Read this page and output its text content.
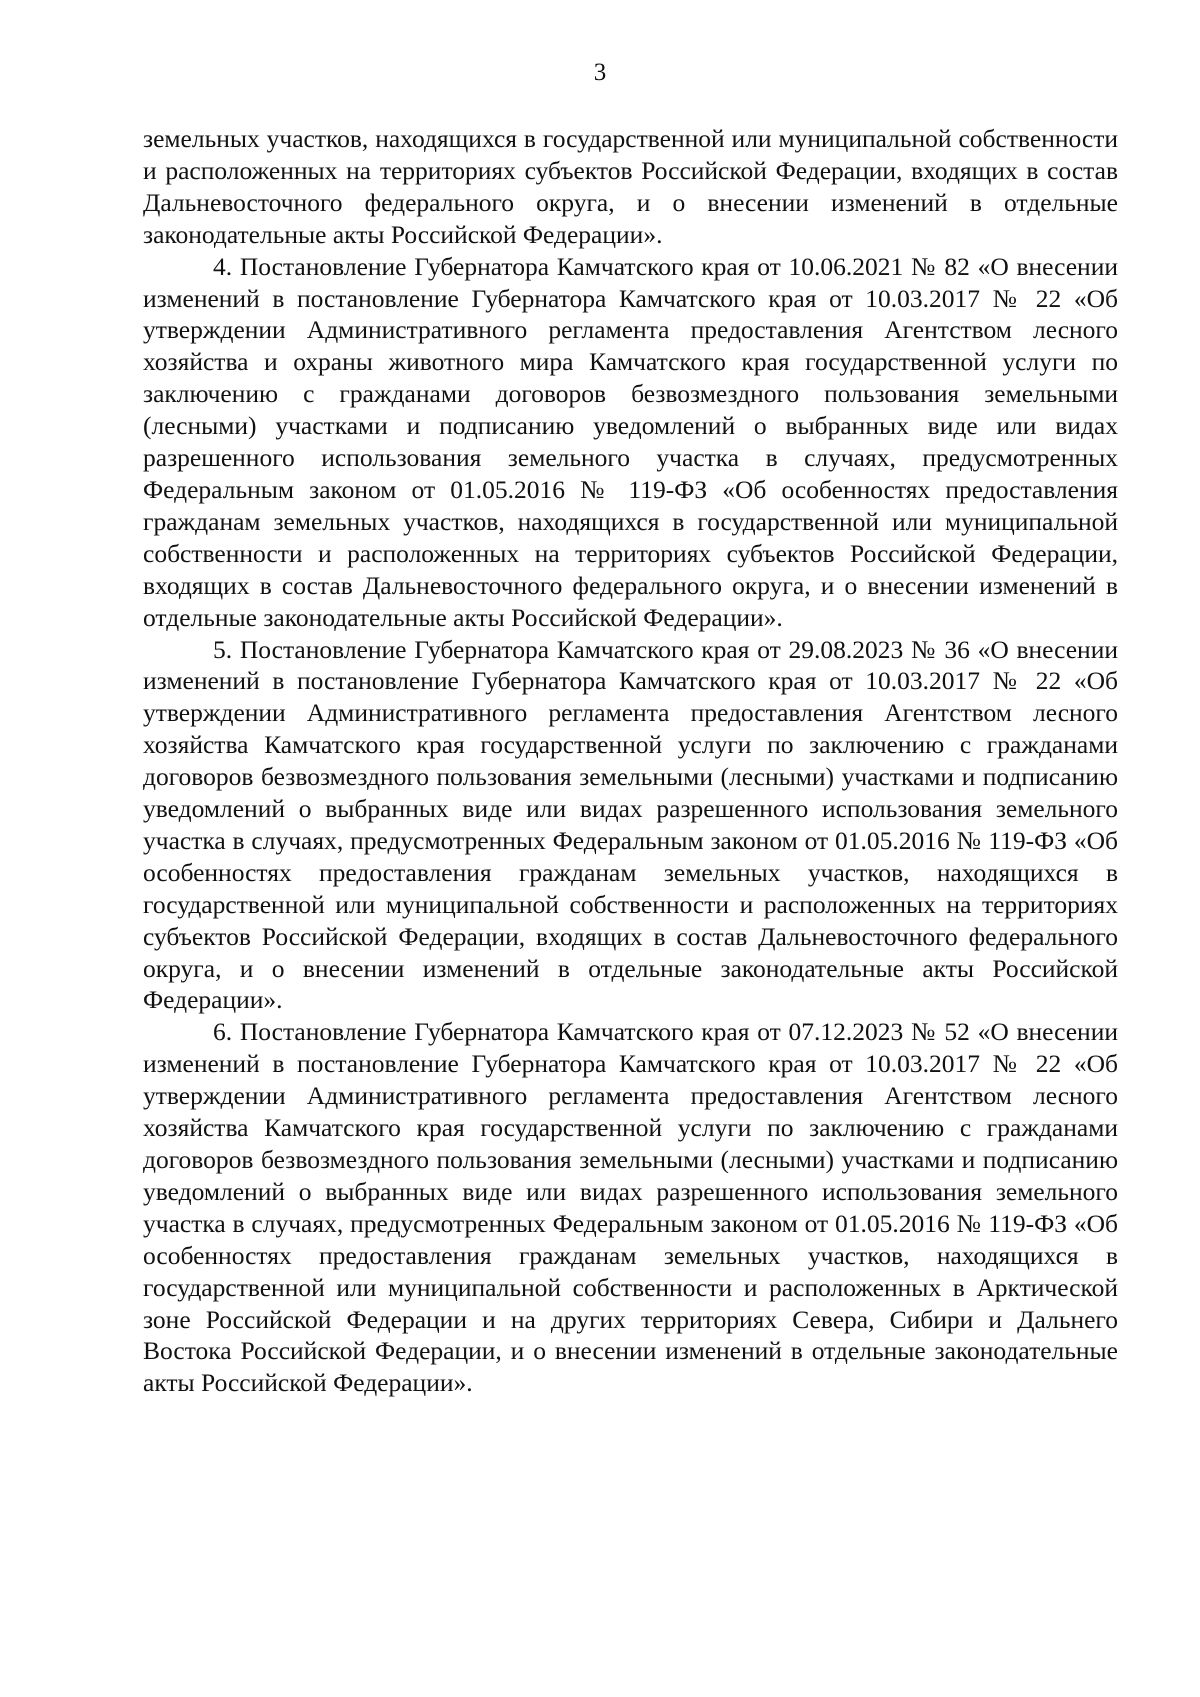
3

земельных участков, находящихся в государственной или муниципальной собственности и расположенных на территориях субъектов Российской Федерации, входящих в состав Дальневосточного федерального округа, и о внесении изменений в отдельные законодательные акты Российской Федерации».

4. Постановление Губернатора Камчатского края от 10.06.2021 № 82 «О внесении изменений в постановление Губернатора Камчатского края от 10.03.2017 № 22 «Об утверждении Административного регламента предоставления Агентством лесного хозяйства и охраны животного мира Камчатского края государственной услуги по заключению с гражданами договоров безвозмездного пользования земельными (лесными) участками и подписанию уведомлений о выбранных виде или видах разрешенного использования земельного участка в случаях, предусмотренных Федеральным законом от 01.05.2016 № 119-ФЗ «Об особенностях предоставления гражданам земельных участков, находящихся в государственной или муниципальной собственности и расположенных на территориях субъектов Российской Федерации, входящих в состав Дальневосточного федерального округа, и о внесении изменений в отдельные законодательные акты Российской Федерации».

5. Постановление Губернатора Камчатского края от 29.08.2023 № 36 «О внесении изменений в постановление Губернатора Камчатского края от 10.03.2017 № 22 «Об утверждении Административного регламента предоставления Агентством лесного хозяйства Камчатского края государственной услуги по заключению с гражданами договоров безвозмездного пользования земельными (лесными) участками и подписанию уведомлений о выбранных виде или видах разрешенного использования земельного участка в случаях, предусмотренных Федеральным законом от 01.05.2016 № 119-ФЗ «Об особенностях предоставления гражданам земельных участков, находящихся в государственной или муниципальной собственности и расположенных на территориях субъектов Российской Федерации, входящих в состав Дальневосточного федерального округа, и о внесении изменений в отдельные законодательные акты Российской Федерации».

6. Постановление Губернатора Камчатского края от 07.12.2023 № 52 «О внесении изменений в постановление Губернатора Камчатского края от 10.03.2017 № 22 «Об утверждении Административного регламента предоставления Агентством лесного хозяйства Камчатского края государственной услуги по заключению с гражданами договоров безвозмездного пользования земельными (лесными) участками и подписанию уведомлений о выбранных виде или видах разрешенного использования земельного участка в случаях, предусмотренных Федеральным законом от 01.05.2016 № 119-ФЗ «Об особенностях предоставления гражданам земельных участков, находящихся в государственной или муниципальной собственности и расположенных в Арктической зоне Российской Федерации и на других территориях Севера, Сибири и Дальнего Востока Российской Федерации, и о внесении изменений в отдельные законодательные акты Российской Федерации».
